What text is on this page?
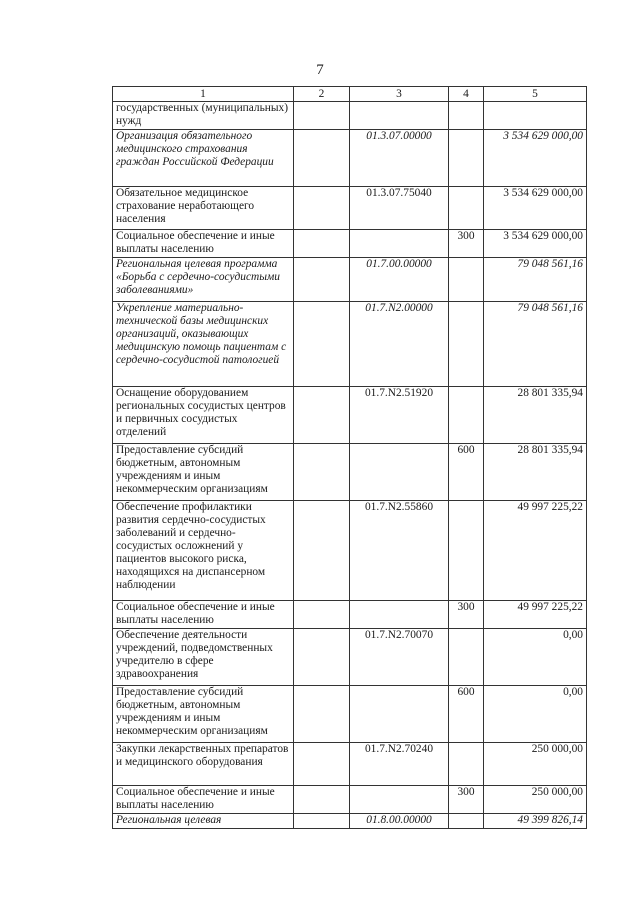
7
1	2	3	4	5
государственных (муниципальных) нужд				
Организация обязательного медицинского страхования граждан Российской Федерации		01.3.07.00000		3 534 629 000,00
Обязательное медицинское страхование неработающего населения		01.3.07.75040		3 534 629 000,00
Социальное обеспечение и иные выплаты населению			300	3 534 629 000,00
Региональная целевая программа «Борьба с сердечно-сосудистыми заболеваниями»		01.7.00.00000		79 048 561,16
Укрепление материально-технической базы медицинских организаций, оказывающих медицинскую помощь пациентам с сердечно-сосудистой патологией		01.7.N2.00000		79 048 561,16
Оснащение оборудованием региональных сосудистых центров и первичных сосудистых отделений		01.7.N2.51920		28 801 335,94
Предоставление субсидий бюджетным, автономным учреждениям и иным некоммерческим организациям			600	28 801 335,94
Обеспечение профилактики развития сердечно-сосудистых заболеваний и сердечно-сосудистых осложнений у пациентов высокого риска, находящихся на диспансерном наблюдении		01.7.N2.55860		49 997 225,22
Социальное обеспечение и иные выплаты населению			300	49 997 225,22
Обеспечение деятельности учреждений, подведомственных учредителю в сфере здравоохранения		01.7.N2.70070		0,00
Предоставление субсидий бюджетным, автономным учреждениям и иным некоммерческим организациям			600	0,00
Закупки лекарственных препаратов и медицинского оборудования		01.7.N2.70240		250 000,00
Социальное обеспечение и иные выплаты населению			300	250 000,00
Региональная целевая		01.8.00.00000		49 399 826,14
